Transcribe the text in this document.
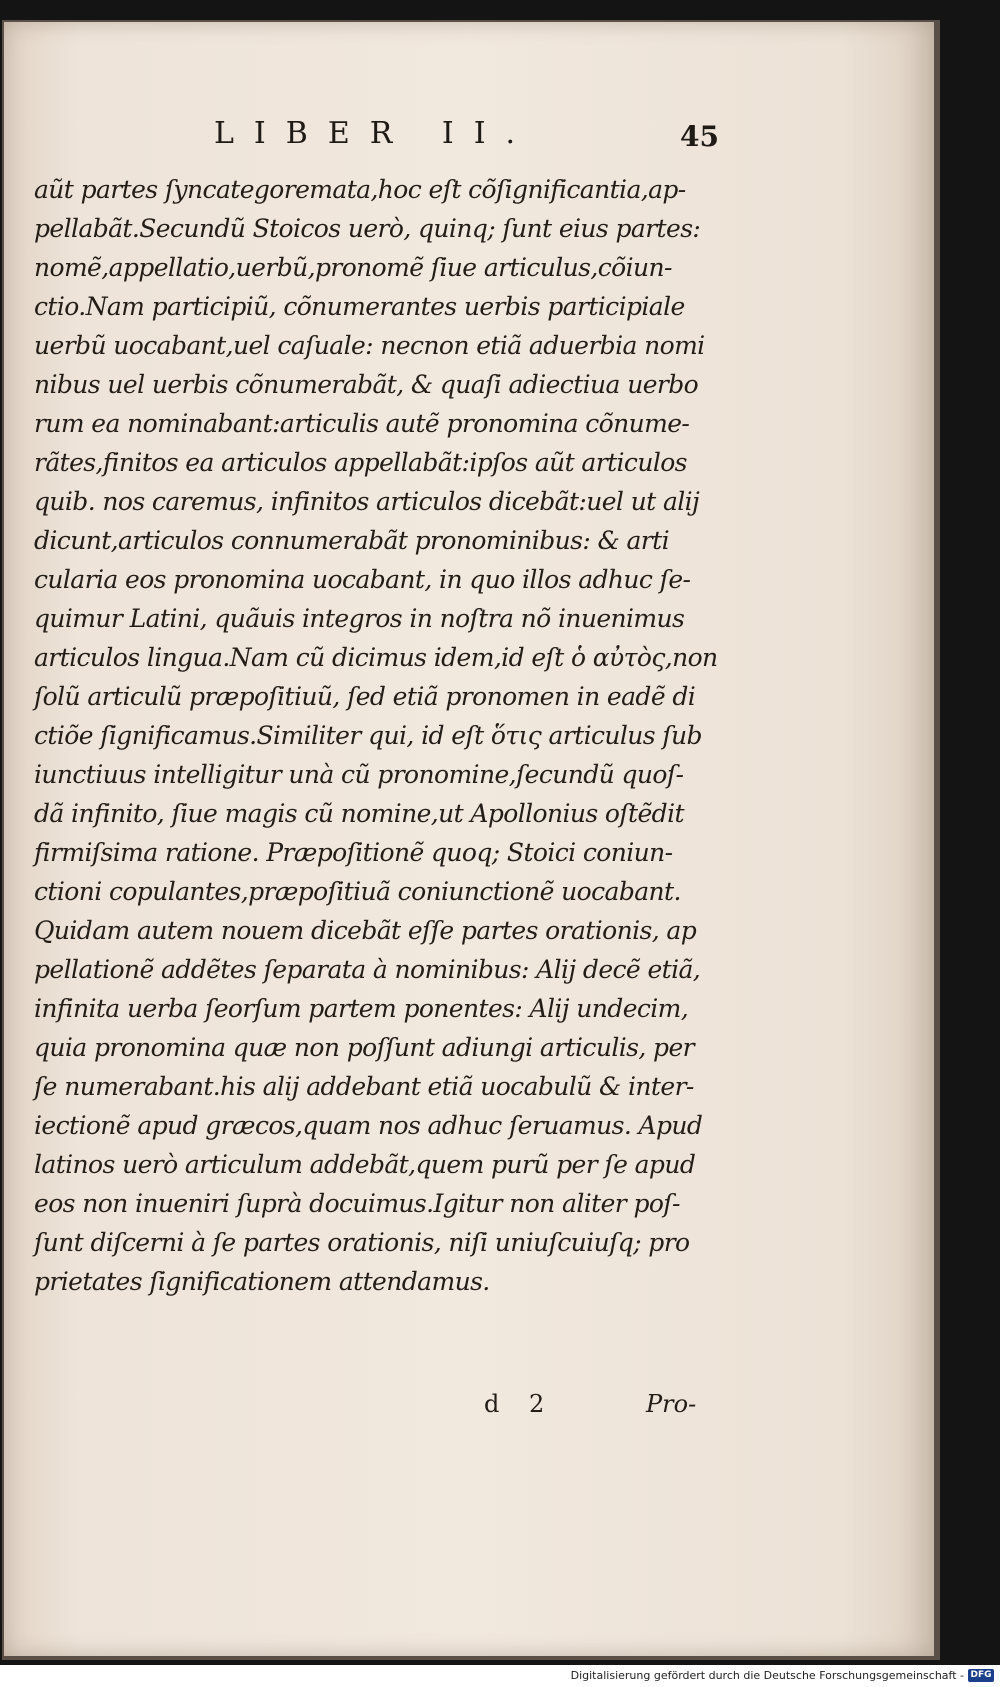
LIBER II.	45
aũt partes ſyncategoremata,hoc eſt cõſignificantia,ap-
pellabãt.Secundũ Stoicos uerò, quinq; ſunt eius partes:
nomẽ,appellatio,uerbũ,pronomẽ ſiue articulus,cõiun-
ctio.Nam participiũ, cõnumerantes uerbis participiale
uerbũ uocabant,uel caſuale: necnon etiã aduerbia nomi
nibus uel uerbis cõnumerabãt, & quaſi adiectiua uerbo
rum ea nominabant:articulis autẽ pronomina cõnume-
rãtes,finitos ea articulos appellabãt:ipſos aũt articulos
quib. nos caremus, infinitos articulos dicebãt:uel ut alij
dicunt,articulos connumerabãt pronominibus: & arti
cularia eos pronomina uocabant, in quo illos adhuc ſe-
quimur Latini, quãuis integros in noſtra nõ inuenimus
articulos lingua.Nam cũ dicimus idem,id eſt ὁ αὐτὸς,non
ſolũ articulũ præpoſitiuũ, ſed etiã pronomen in eadẽ di
ctiõe ſignificamus.Similiter qui, id eſt ὅτις articulus ſub
iunctiuus intelligitur unà cũ pronomine,ſecundũ quoſ-
dã infinito, ſiue magis cũ nomine,ut Apollonius oſtẽdit
firmiſsima ratione. Præpoſitionẽ quoq; Stoici coniun-
ctioni copulantes,præpoſitiuã coniunctionẽ uocabant.
Quidam autem nouem dicebãt eſſe partes orationis, ap
pellationẽ addẽtes ſeparata à nominibus: Alij decẽ etiã,
infinita uerba ſeorſum partem ponentes: Alij undecim,
quia pronomina quæ non poſſunt adiungi articulis, per
ſe numerabant.his alij addebant etiã uocabulũ & inter-
iectionẽ apud græcos,quam nos adhuc ſeruamus. Apud
latinos uerò articulum addebãt,quem purũ per ſe apud
eos non inueniri ſuprà docuimus.Igitur non aliter poſ-
ſunt diſcerni à ſe partes orationis, niſi uniuſcuiuſq; pro
prietates ſignificationem attendamus.
d 2	Pro-
Digitalisierung gefördert durch die Deutsche Forschungsgemeinschaft - DFG
